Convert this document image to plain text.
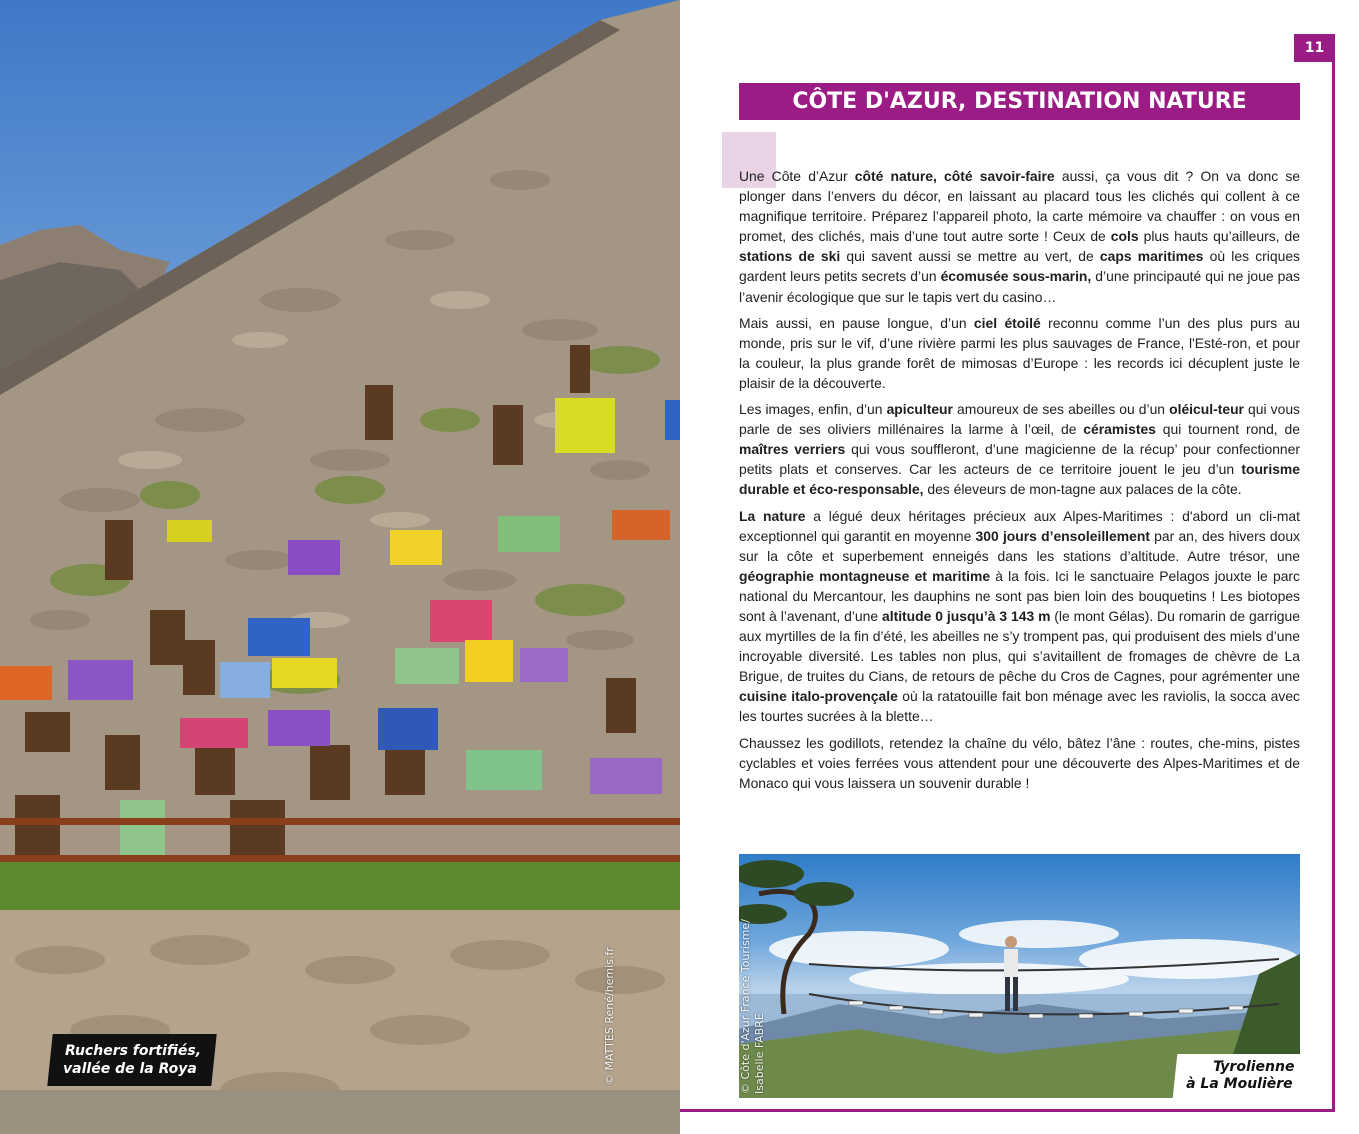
Ruchers fortifiés,
vallée de la Roya	© MATTES René/hemis.fr
11
CÔTE D'AZUR, DESTINATION NATURE

Une Côte d’Azur côté nature, côté savoir-faire aussi, ça vous dit ? On va donc se plonger dans l’envers du décor, en laissant au placard tous les clichés qui collent à ce magnifique territoire. Préparez l’appareil photo, la carte mémoire va chauffer : on vous en promet, des clichés, mais d’une tout autre sorte ! Ceux de cols plus hauts qu’ailleurs, de stations de ski qui savent aussi se mettre au vert, de caps maritimes où les criques gardent leurs petits secrets d’un écomusée sous-marin, d’une principauté qui ne joue pas l’avenir écologique que sur le tapis vert du casino…

Mais aussi, en pause longue, d’un ciel étoilé reconnu comme l’un des plus purs au monde, pris sur le vif, d’une rivière parmi les plus sauvages de France, l'Esté-ron, et pour la couleur, la plus grande forêt de mimosas d’Europe : les records ici décuplent juste le plaisir de la découverte.

Les images, enfin, d’un apiculteur amoureux de ses abeilles ou d’un oléicul-teur qui vous parle de ses oliviers millénaires la larme à l’œil, de céramistes qui tournent rond, de maîtres verriers qui vous souffleront, d’une magicienne de la récup’ pour confectionner petits plats et conserves. Car les acteurs de ce territoire jouent le jeu d’un tourisme durable et éco-responsable, des éleveurs de mon-tagne aux palaces de la côte.

La nature a légué deux héritages précieux aux Alpes-Maritimes : d'abord un cli-mat exceptionnel qui garantit en moyenne 300 jours d’ensoleillement par an, des hivers doux sur la côte et superbement enneigés dans les stations d’altitude. Autre trésor, une géographie montagneuse et maritime à la fois. Ici le sanctuaire Pelagos jouxte le parc national du Mercantour, les dauphins ne sont pas bien loin des bouquetins ! Les biotopes sont à l’avenant, d’une altitude 0 jusqu’à 3 143 m (le mont Gélas). Du romarin de garrigue aux myrtilles de la fin d’été, les abeilles ne s’y trompent pas, qui produisent des miels d’une incroyable diversité. Les tables non plus, qui s’avitaillent de fromages de chèvre de La Brigue, de truites du Cians, de retours de pêche du Cros de Cagnes, pour agrémenter une cuisine italo-provençale où la ratatouille fait bon ménage avec les raviolis, la socca avec les tourtes sucrées à la blette…

Chaussez les godillots, retendez la chaîne du vélo, bâtez l’âne : routes, che-mins, pistes cyclables et voies ferrées vous attendent pour une découverte des Alpes-Maritimes et de Monaco qui vous laissera un souvenir durable !

Tyrolienne
à La Moulière
© Côte d'Azur France Tourisme/
Isabelle FABRE
